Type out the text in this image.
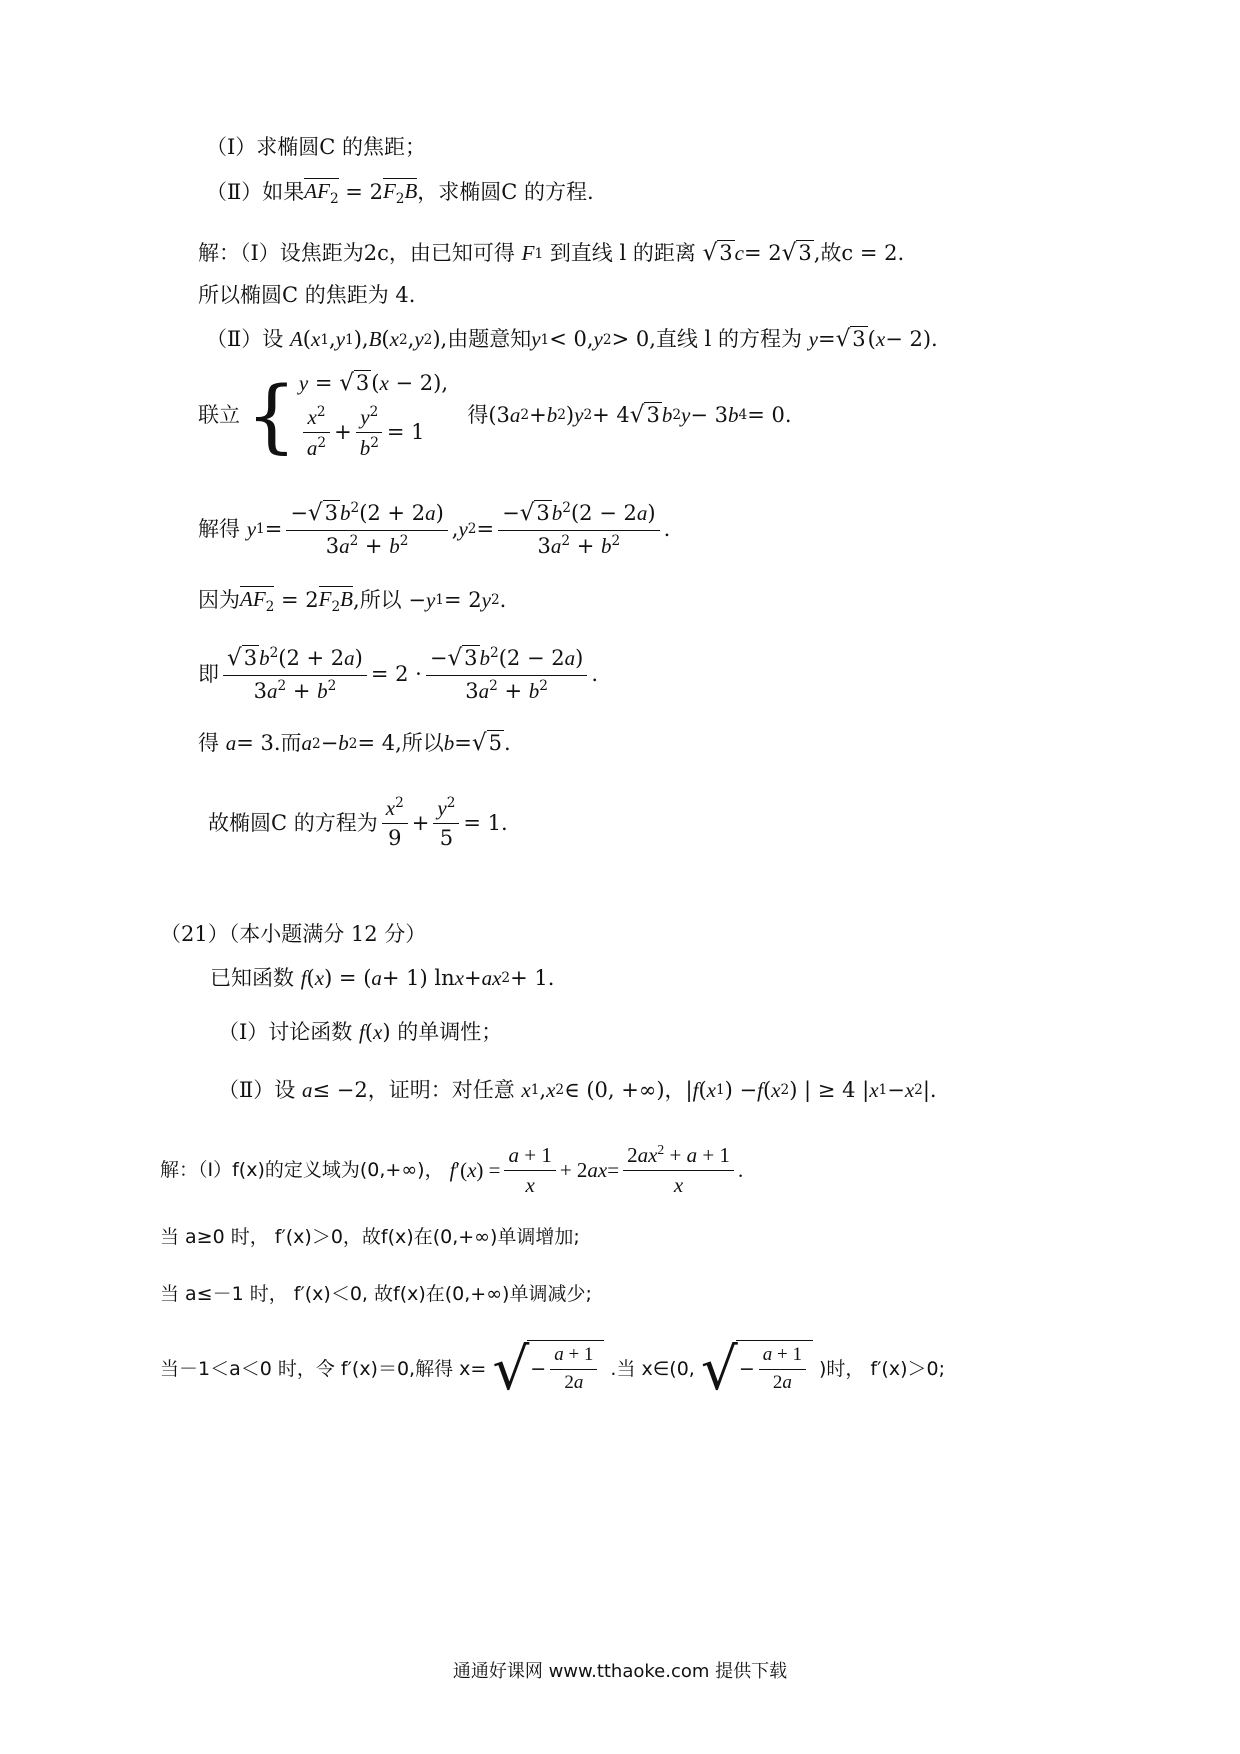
（Ⅰ）求椭圆C 的焦距；
（Ⅱ）如果 $AF_2 = 2$ $F_2B$ ，求椭圆C 的方程.
解：（Ⅰ）设焦距为2c，由已知可得
F 1
到直线 l 的距离
√3 c = 2 √3 , 故c = 2.
所以椭圆C 的焦距为 4.
（Ⅱ）设
A ( x 1 , y 1 ), B ( x 2 , y 2 ), 由题意知 y 1 < 0, y 2 > 0, 直线 l 的方程为
y = √3 ( x − 2).
联立 { y = √3(x − 2),
$\frac{x^2}{a^2} + \frac{y^2}{b^2} = 1$

得 (3 a 2 + b 2 ) y 2 + 4 √3 b 2 y − 3 b 4 = 0.
解得
y $1 = \frac{-√3b^2(2 + 2a)}{3a^2 + b^2}$ , y $2 = \frac{-√3b^2(2 - 2a)}{3a^2 + b^2}$ .
因为 $AF_2 = 2$ $F_2B$ , 所以 − y 1 = 2 y 2 .
即 $\frac{√3b^2(2 + 2a)}{3a^2 + b^2} = 2 \cdot \frac{-√3b^2(2 - 2a)}{3a^2 + b^2}$ .
得
a = 3. 而 a 2 − b 2 = 4, 所以 b = √5 .
故椭圆C 的方程为 $\frac{x^2}{9} + \frac{y^2}{5} = 1$.
（21）（本小题满分 12 分）
已知函数
f ( x ) = ( a + 1) ln x + ax 2 + 1.
（Ⅰ）讨论函数
f ( x ) 的单调性；
（Ⅱ）设
a ≤ −2 ，证明：对任意
x 1 , x 2 ∈ (0, +∞)，| f ( x 1 ) − f ( x 2 ) | ≥ 4 | x 1 − x 2 |.
解：（Ⅰ）f(x)的定义域为(0,+∞)，
f ′( x ) = $\frac{a + 1}{x} + 2$ ax = $\frac{2ax^2 + a + 1}{x}$ .
当 a≥0 时， f′(x)＞0，故f(x)在(0,+∞)单调增加;
当 a≤－1 时， f′(x)＜0, 故f(x)在(0,+∞)单调减少;
当－1＜a＜0 时，令 f′(x)＝0,解得 x= √ − $\frac{a + 1}{2a}$ .当 x∈(0, √ − $\frac{a + 1}{2a}$ )时， f′(x)＞0;
通通好课网 www.tthaoke.com 提供下载
